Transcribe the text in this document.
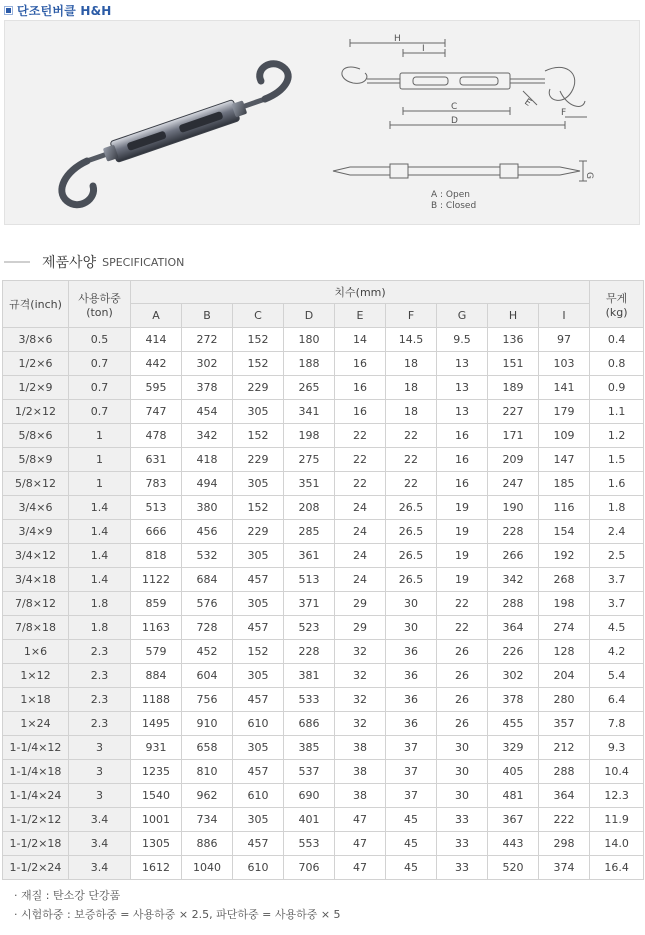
단조턴버클 H&H
H
I
C
D
E
F
G
A : Open
B : Closed
제품사양 SPECIFICATION
규격(inch)	사용하중
(ton)	치수(mm)									무게
(kg)
		A	B	C	D	E	F	G	H	I	
3/8×6	0.5	414	272	152	180	14	14.5	9.5	136	97	0.4
1/2×6	0.7	442	302	152	188	16	18	13	151	103	0.8
1/2×9	0.7	595	378	229	265	16	18	13	189	141	0.9
1/2×12	0.7	747	454	305	341	16	18	13	227	179	1.1
5/8×6	1	478	342	152	198	22	22	16	171	109	1.2
5/8×9	1	631	418	229	275	22	22	16	209	147	1.5
5/8×12	1	783	494	305	351	22	22	16	247	185	1.6
3/4×6	1.4	513	380	152	208	24	26.5	19	190	116	1.8
3/4×9	1.4	666	456	229	285	24	26.5	19	228	154	2.4
3/4×12	1.4	818	532	305	361	24	26.5	19	266	192	2.5
3/4×18	1.4	1122	684	457	513	24	26.5	19	342	268	3.7
7/8×12	1.8	859	576	305	371	29	30	22	288	198	3.7
7/8×18	1.8	1163	728	457	523	29	30	22	364	274	4.5
1×6	2.3	579	452	152	228	32	36	26	226	128	4.2
1×12	2.3	884	604	305	381	32	36	26	302	204	5.4
1×18	2.3	1188	756	457	533	32	36	26	378	280	6.4
1×24	2.3	1495	910	610	686	32	36	26	455	357	7.8
1-1/4×12	3	931	658	305	385	38	37	30	329	212	9.3
1-1/4×18	3	1235	810	457	537	38	37	30	405	288	10.4
1-1/4×24	3	1540	962	610	690	38	37	30	481	364	12.3
1-1/2×12	3.4	1001	734	305	401	47	45	33	367	222	11.9
1-1/2×18	3.4	1305	886	457	553	47	45	33	443	298	14.0
1-1/2×24	3.4	1612	1040	610	706	47	45	33	520	374	16.4
· 재질 : 탄소강 단강품
· 시험하중 : 보증하중 = 사용하중 × 2.5, 파단하중 = 사용하중 × 5
